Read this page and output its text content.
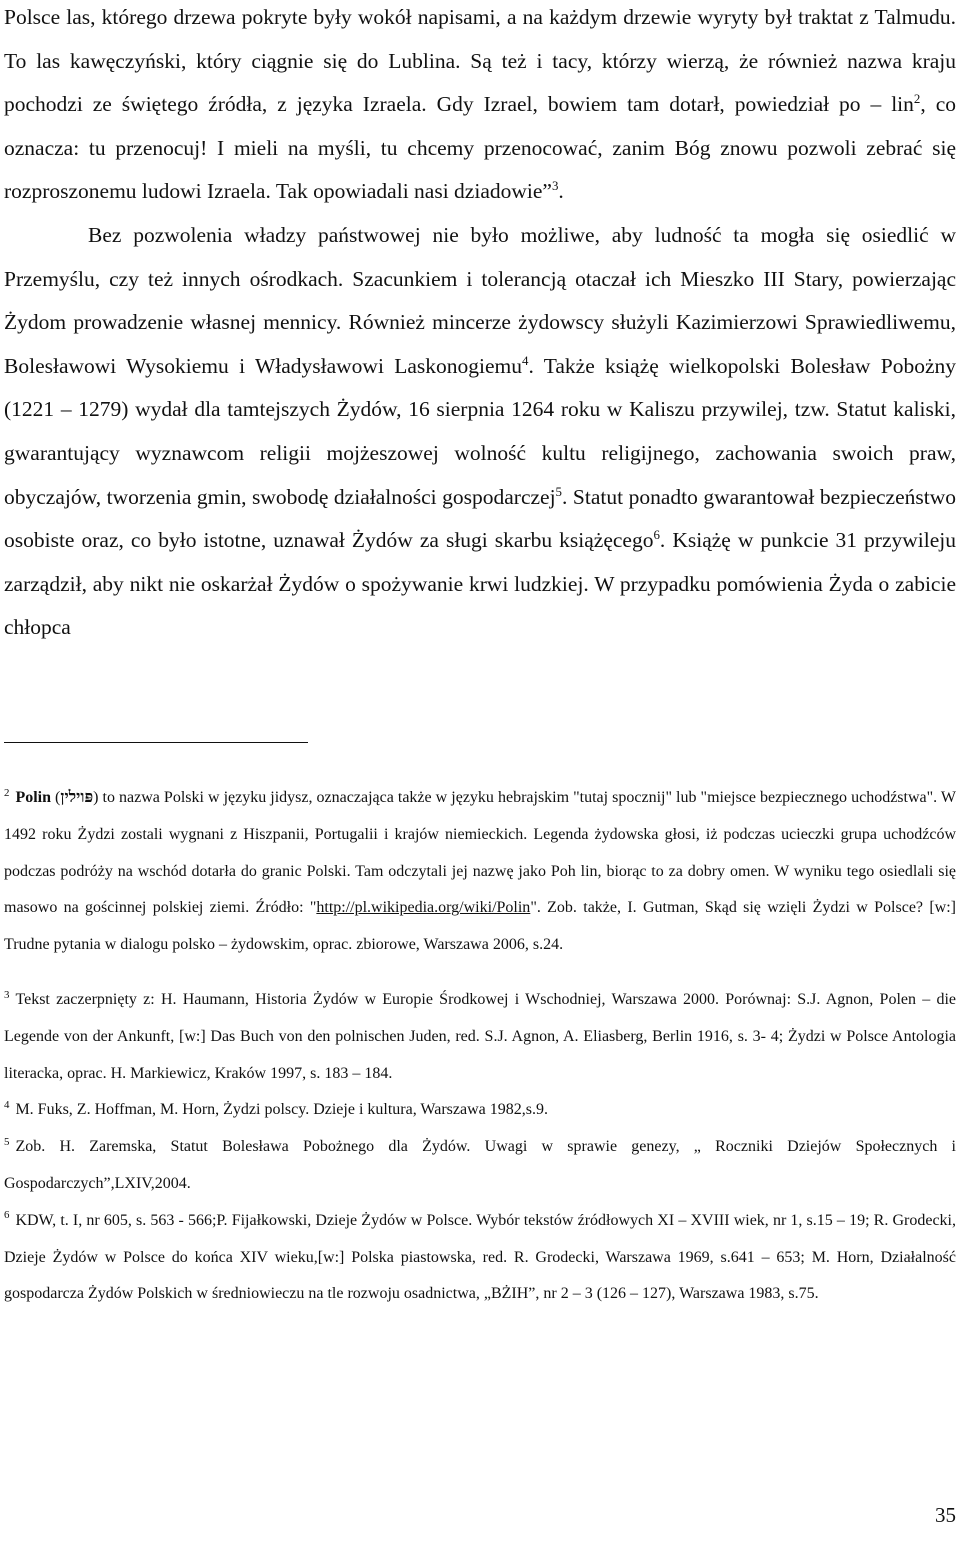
Polsce las, którego drzewa pokryte były wokół napisami, a na każdym drzewie wyryty był traktat z Talmudu. To las kawęczyński, który ciągnie się do Lublina. Są też i tacy, którzy wierzą, że również nazwa kraju pochodzi ze świętego źródła, z języka Izraela. Gdy Izrael, bowiem tam dotarł, powiedział po – lin$^2$, co oznacza: tu przenocuj! I mieli na myśli, tu chcemy przenocować, zanim Bóg znowu pozwoli zebrać się rozproszonemu ludowi Izraela. Tak opowiadali nasi dziadowie”$^3$.

Bez pozwolenia władzy państwowej nie było możliwe, aby ludność ta mogła się osiedlić w Przemyślu, czy też innych ośrodkach. Szacunkiem i tolerancją otaczał ich Mieszko III Stary, powierzając Żydom prowadzenie własnej mennicy. Również mincerze żydowscy służyli Kazimierzowi Sprawiedliwemu, Bolesławowi Wysokiemu i Władysławowi Laskonogiemu$^4$. Także książę wielkopolski Bolesław Pobożny (1221 – 1279) wydał dla tamtejszych Żydów, 16 sierpnia 1264 roku w Kaliszu przywilej, tzw. Statut kaliski, gwarantujący wyznawcom religii mojżeszowej wolność kultu religijnego, zachowania swoich praw, obyczajów, tworzenia gmin, swobodę działalności gospodarczej$^5$. Statut ponadto gwarantował bezpieczeństwo osobiste oraz, co było istotne, uznawał Żydów za sługi skarbu książęcego$^6$. Książę w punkcie 31 przywileju zarządził, aby nikt nie oskarżał Żydów o spożywanie krwi ludzkiej. W przypadku pomówienia Żyda o zabicie chłopca

$^2$ Polin (פּוילין) to nazwa Polski w języku jidysz, oznaczająca także w języku hebrajskim "tutaj spocznij" lub "miejsce bezpiecznego uchodźstwa". W 1492 roku Żydzi zostali wygnani z Hiszpanii, Portugalii i krajów niemieckich. Legenda żydowska głosi, iż podczas ucieczki grupa uchodźców podczas podróży na wschód dotarła do granic Polski. Tam odczytali jej nazwę jako Poh lin, biorąc to za dobry omen. W wyniku tego osiedlali się masowo na gościnnej polskiej ziemi. Źródło: "http://pl.wikipedia.org/wiki/Polin". Zob. także, I. Gutman, Skąd się wzięli Żydzi w Polsce? [w:] Trudne pytania w dialogu polsko – żydowskim, oprac. zbiorowe, Warszawa 2006, s.24.

$^3$ Tekst zaczerpnięty z: H. Haumann, Historia Żydów w Europie Środkowej i Wschodniej, Warszawa 2000. Porównaj: S.J. Agnon, Polen – die Legende von der Ankunft, [w:] Das Buch von den polnischen Juden, red. S.J. Agnon, A. Eliasberg, Berlin 1916, s. 3- 4; Żydzi w Polsce Antologia literacka, oprac. H. Markiewicz, Kraków 1997, s. 183 – 184.

$^4$ M. Fuks, Z. Hoffman, M. Horn, Żydzi polscy. Dzieje i kultura, Warszawa 1982,s.9.

$^5$ Zob. H. Zaremska, Statut Bolesława Pobożnego dla Żydów. Uwagi w sprawie genezy, „ Roczniki Dziejów Społecznych i Gospodarczych”,LXIV,2004.

$^6$ KDW, t. I, nr 605, s. 563 - 566;P. Fijałkowski, Dzieje Żydów w Polsce. Wybór tekstów źródłowych XI – XVIII wiek, nr 1, s.15 – 19; R. Grodecki, Dzieje Żydów w Polsce do końca XIV wieku,[w:] Polska piastowska, red. R. Grodecki, Warszawa 1969, s.641 – 653; M. Horn, Działalność gospodarcza Żydów Polskich w średniowieczu na tle rozwoju osadnictwa, „BŻIH”, nr 2 – 3 (126 – 127), Warszawa 1983, s.75.

35
